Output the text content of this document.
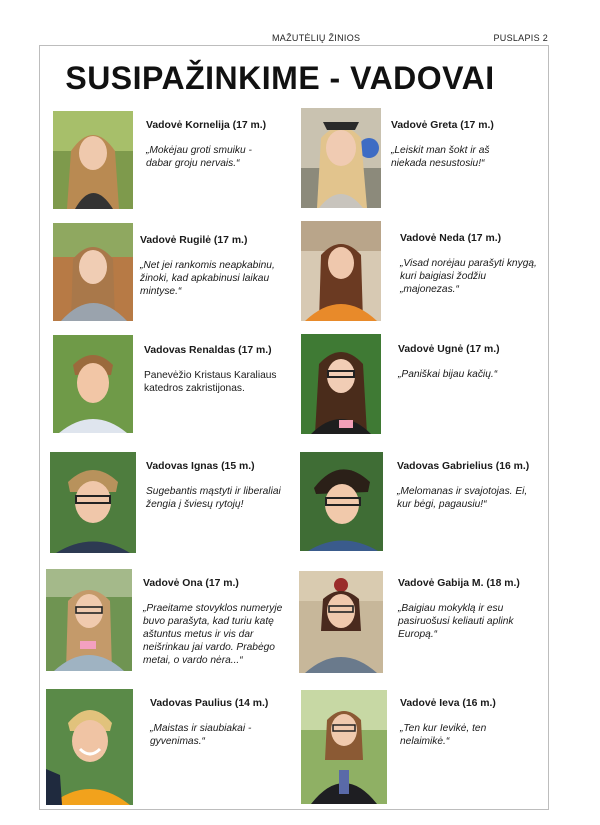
MAŽUTĖLIŲ ŽINIOS	PUSLAPIS 2
SUSIPAŽINKIME - VADOVAI
Vadovė Kornelija (17 m.)
„Mokėjau groti smuiku - dabar groju nervais.“
Vadovė Greta (17 m.)
„Leiskit man šokt ir aš niekada nesustosiu!“
Vadovė Rugilė (17 m.)
„Net jei rankomis neapkabinu, žinoki, kad apkabinusi laikau mintyse.“
Vadovė Neda (17 m.)
„Visad norėjau parašyti knygą, kuri baigiasi žodžiu „majonezas.“
Vadovas Renaldas (17 m.)
Panevėžio Kristaus Karaliaus katedros zakristijonas.
Vadovė Ugnė (17 m.)
„Paniškai bijau kačių.“
Vadovas Ignas (15 m.)
Sugebantis mąstyti ir liberaliai žengia į šviesų rytojų!
Vadovas Gabrielius (16 m.)
„Melomanas ir svajotojas. Ei, kur bėgi, pagausiu!“
Vadovė Ona (17 m.)
„Praeitame stovyklos numeryje buvo parašyta, kad turiu katę aštuntus metus ir vis dar neišrinkau jai vardo. Prabėgo metai, o vardo nėra...“
Vadovė Gabija M. (18 m.)
„Baigiau mokyklą ir esu pasiruošusi keliauti aplink Europą.“
Vadovas Paulius (14 m.)
„Maistas ir siaubiakai - gyvenimas.“
Vadovė Ieva (16 m.)
„Ten kur Ievikė, ten nelaimikė.“
